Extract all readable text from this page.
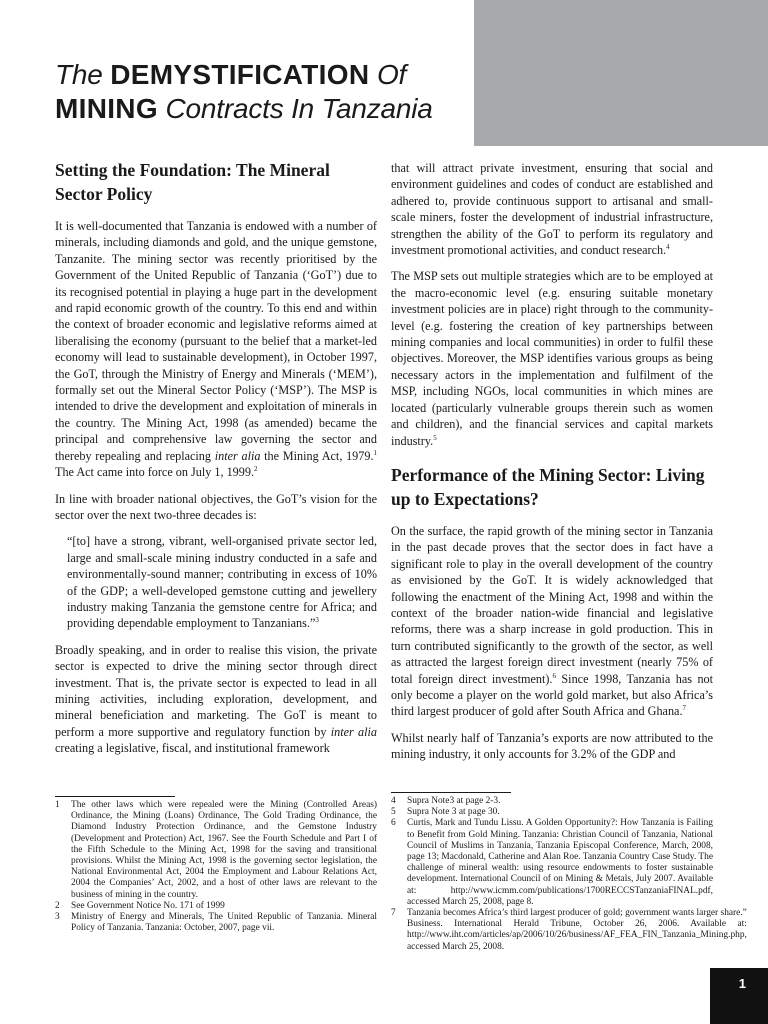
The DEMYSTIFICATION Of
MINING Contracts In Tanzania
Setting the Foundation: The Mineral Sector Policy

It is well-documented that Tanzania is endowed with a number of minerals, including diamonds and gold, and the unique gemstone, Tanzanite. The mining sector was recently prioritised by the Government of the United Republic of Tanzania (‘GoT’) due to its recognised potential in playing a huge part in the development and rapid economic growth of the country. To this end and within the context of broader economic and legislative reforms aimed at liberalising the economy (pursuant to the belief that a market-led economy will lead to sustainable development), in October 1997, the GoT, through the Ministry of Energy and Minerals (‘MEM’), formally set out the Mineral Sector Policy (‘MSP’). The MSP is intended to drive the development and exploitation of minerals in the country. The Mining Act, 1998 (as amended) became the principal and comprehensive law governing the sector and thereby repealing and replacing inter alia the Mining Act, 1979.$^1$ The Act came into force on July 1, 1999.$^2$

In line with broader national objectives, the GoT’s vision for the sector over the next two-three decades is:

“[to] have a strong, vibrant, well-organised private sector led, large and small-scale mining industry conducted in a safe and environmentally-sound manner; contributing in excess of 10% of the GDP; a well-developed gemstone cutting and jewellery industry making Tanzania the gemstone centre for Africa; and providing dependable employment to Tanzanians.”$^3$

Broadly speaking, and in order to realise this vision, the private sector is expected to drive the mining sector through direct investment. That is, the private sector is expected to lead in all mining activities, including exploration, development, and mineral beneficiation and marketing. The GoT is meant to perform a more supportive and regulatory function by inter alia creating a legislative, fiscal, and institutional framework

that will attract private investment, ensuring that social and environment guidelines and codes of conduct are established and adhered to, provide continuous support to artisanal and small-scale miners, foster the development of industrial infrastructure, strengthen the ability of the GoT to perform its regulatory and investment promotional activities, and conduct research.$^4$

The MSP sets out multiple strategies which are to be employed at the macro-economic level (e.g. ensuring suitable monetary investment policies are in place) right through to the community-level (e.g. fostering the creation of key partnerships between mining companies and local communities) in order to fulfil these objectives. Moreover, the MSP identifies various groups as being necessary actors in the implementation and fulfilment of the MSP, including NGOs, local communities in which mines are located (particularly vulnerable groups therein such as women and children), and the financial services and capital markets industry.$^5$

Performance of the Mining Sector: Living up to Expectations?

On the surface, the rapid growth of the mining sector in Tanzania in the past decade proves that the sector does in fact have a significant role to play in the overall development of the country as envisioned by the GoT. It is widely acknowledged that following the enactment of the Mining Act, 1998 and within the context of the broader nation-wide financial and legislative reforms, there was a sharp increase in gold production. This in turn contributed significantly to the growth of the sector, as well as attracted the largest foreign direct investment (nearly 75% of total foreign direct investment).$^6$ Since 1998, Tanzania has not only become a player on the world gold market, but also Africa’s third largest producer of gold after South Africa and Ghana.$^7$

Whilst nearly half of Tanzania’s exports are now attributed to the mining industry, it only accounts for 3.2% of the GDP and

1	The other laws which were repealed were the Mining (Controlled Areas) Ordinance, the Mining (Loans) Ordinance, The Gold Trading Ordinance, the Diamond Industry Protection Ordinance, and the Gemstone Industry (Development and Protection) Act, 1967. See the Fourth Schedule and Part I of the Fifth Schedule to the Mining Act, 1998 for the saving and transitional provisions. Whilst the Mining Act, 1998 is the governing sector legislation, the National Environmental Act, 2004 the Employment and Labour Relations Act, 2004 the Companies’ Act, 2002, and a host of other laws are relevant to the business of mining in the country.
2	See Government Notice No. 171 of 1999
3	Ministry of Energy and Minerals, The United Republic of Tanzania. Mineral Policy of Tanzania. Tanzania: October, 2007, page vii.
4	Supra Note3 at page 2-3.
5	Supra Note 3 at page 30.
6	Curtis, Mark and Tundu Lissu. A Golden Opportunity?: How Tanzania is Failing to Benefit from Gold Mining. Tanzania: Christian Council of Tanzania, National Council of Muslims in Tanzania, Tanzania Episcopal Conference, March, 2008, page 13; Macdonald, Catherine and Alan Roe. Tanzania Country Case Study. The challenge of mineral wealth: using resource endowments to foster sustainable development. International Council of on Mining & Metals, July 2007. Available at: http://www.icmm.com/publications/1700RECCSTanzaniaFINAL.pdf, accessed March 25, 2008, page 8.
7	Tanzania becomes Africa’s third largest producer of gold; government wants larger share.” Business. International Herald Tribune, October 26, 2006. Available at: http://www.iht.com/articles/ap/2006/10/26/business/AF_FEA_FIN_Tanzania_Mining.php, accessed March 25, 2008.
1
